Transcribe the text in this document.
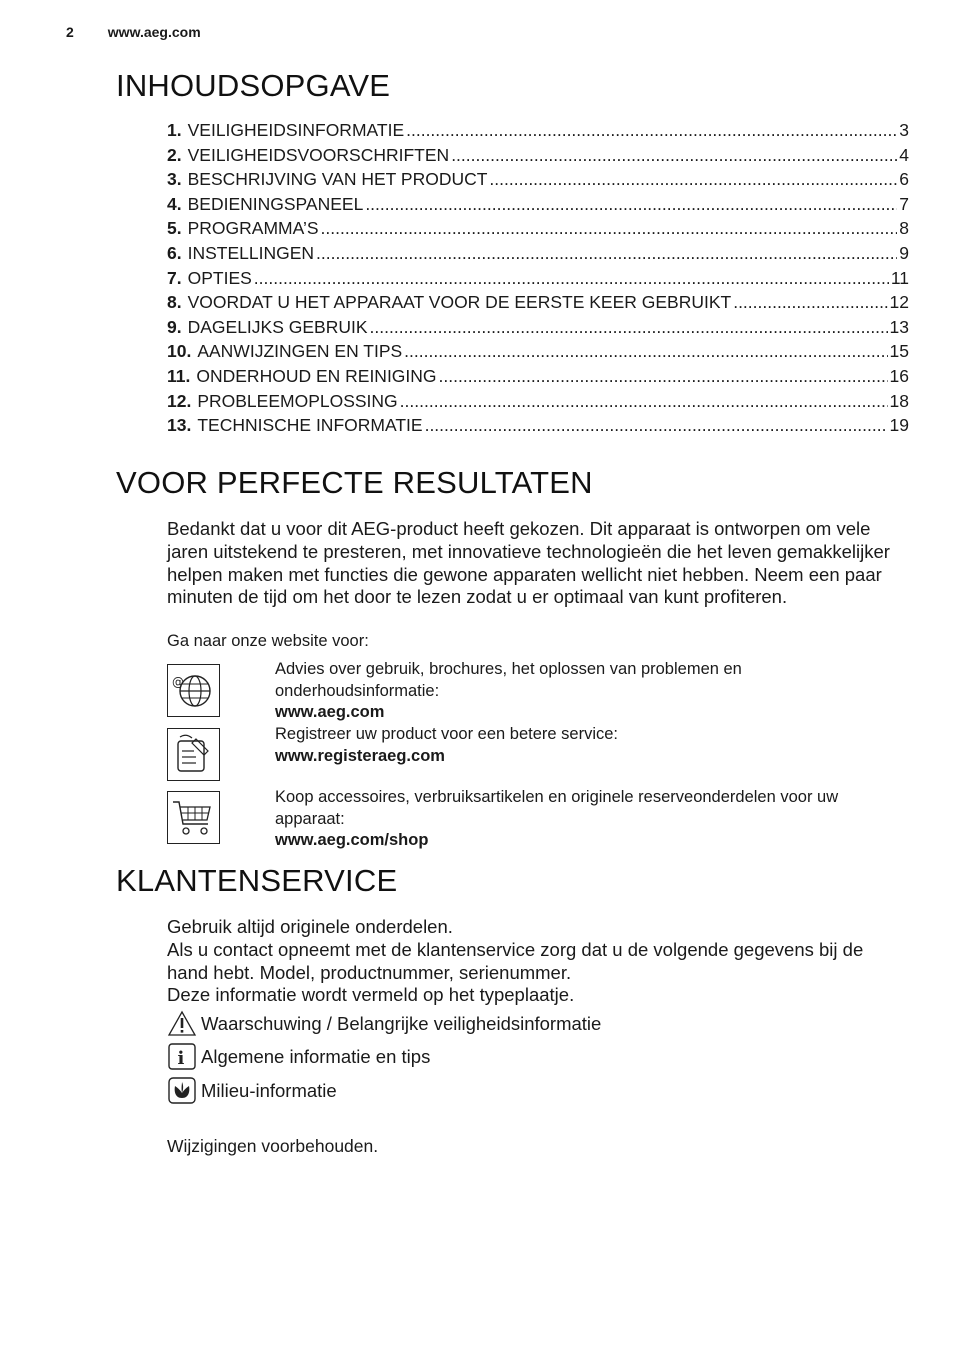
2 www.aeg.com
INHOUDSOPGAVE
1. VEILIGHEIDSINFORMATIE .....	3
2. VEILIGHEIDSVOORSCHRIFTEN .....	4
3. BESCHRIJVING VAN HET PRODUCT .....	6
4. BEDIENINGSPANEEL .....	7
5. PROGRAMMA’S .....	8
6. INSTELLINGEN .....	9
7. OPTIES .....	11
8. VOORDAT U HET APPARAAT VOOR DE EERSTE KEER GEBRUIKT .....	12
9. DAGELIJKS GEBRUIK .....	13
10. AANWIJZINGEN EN TIPS .....	15
11. ONDERHOUD EN REINIGING .....	16
12. PROBLEEMOPLOSSING .....	18
13. TECHNISCHE INFORMATIE .....	19
VOOR PERFECTE RESULTATEN

Bedankt dat u voor dit AEG-product heeft gekozen. Dit apparaat is ontworpen om vele jaren uitstekend te presteren, met innovatieve technologieën die het leven gemakkelijker helpen maken met functies die gewone apparaten wellicht niet hebben. Neem een paar minuten de tijd om het door te lezen zodat u er optimaal van kunt profiteren.

Ga naar onze website voor:
@
Advies over gebruik, brochures, het oplossen van problemen en onderhoudsinformatie:
www.aeg.com
Registreer uw product voor een betere service:
www.registeraeg.com
Koop accessoires, verbruiksartikelen en originele reserveonderdelen voor uw apparaat:
www.aeg.com/shop
KLANTENSERVICE
Gebruik altijd originele onderdelen.
Als u contact opneemt met de klantenservice zorg dat u de volgende gegevens bij de hand hebt. Model, productnummer, serienummer.
Deze informatie wordt vermeld op het typeplaatje.
Waarschuwing / Belangrijke veiligheidsinformatie
i Algemene informatie en tips
Milieu-informatie
Wijzigingen voorbehouden.
